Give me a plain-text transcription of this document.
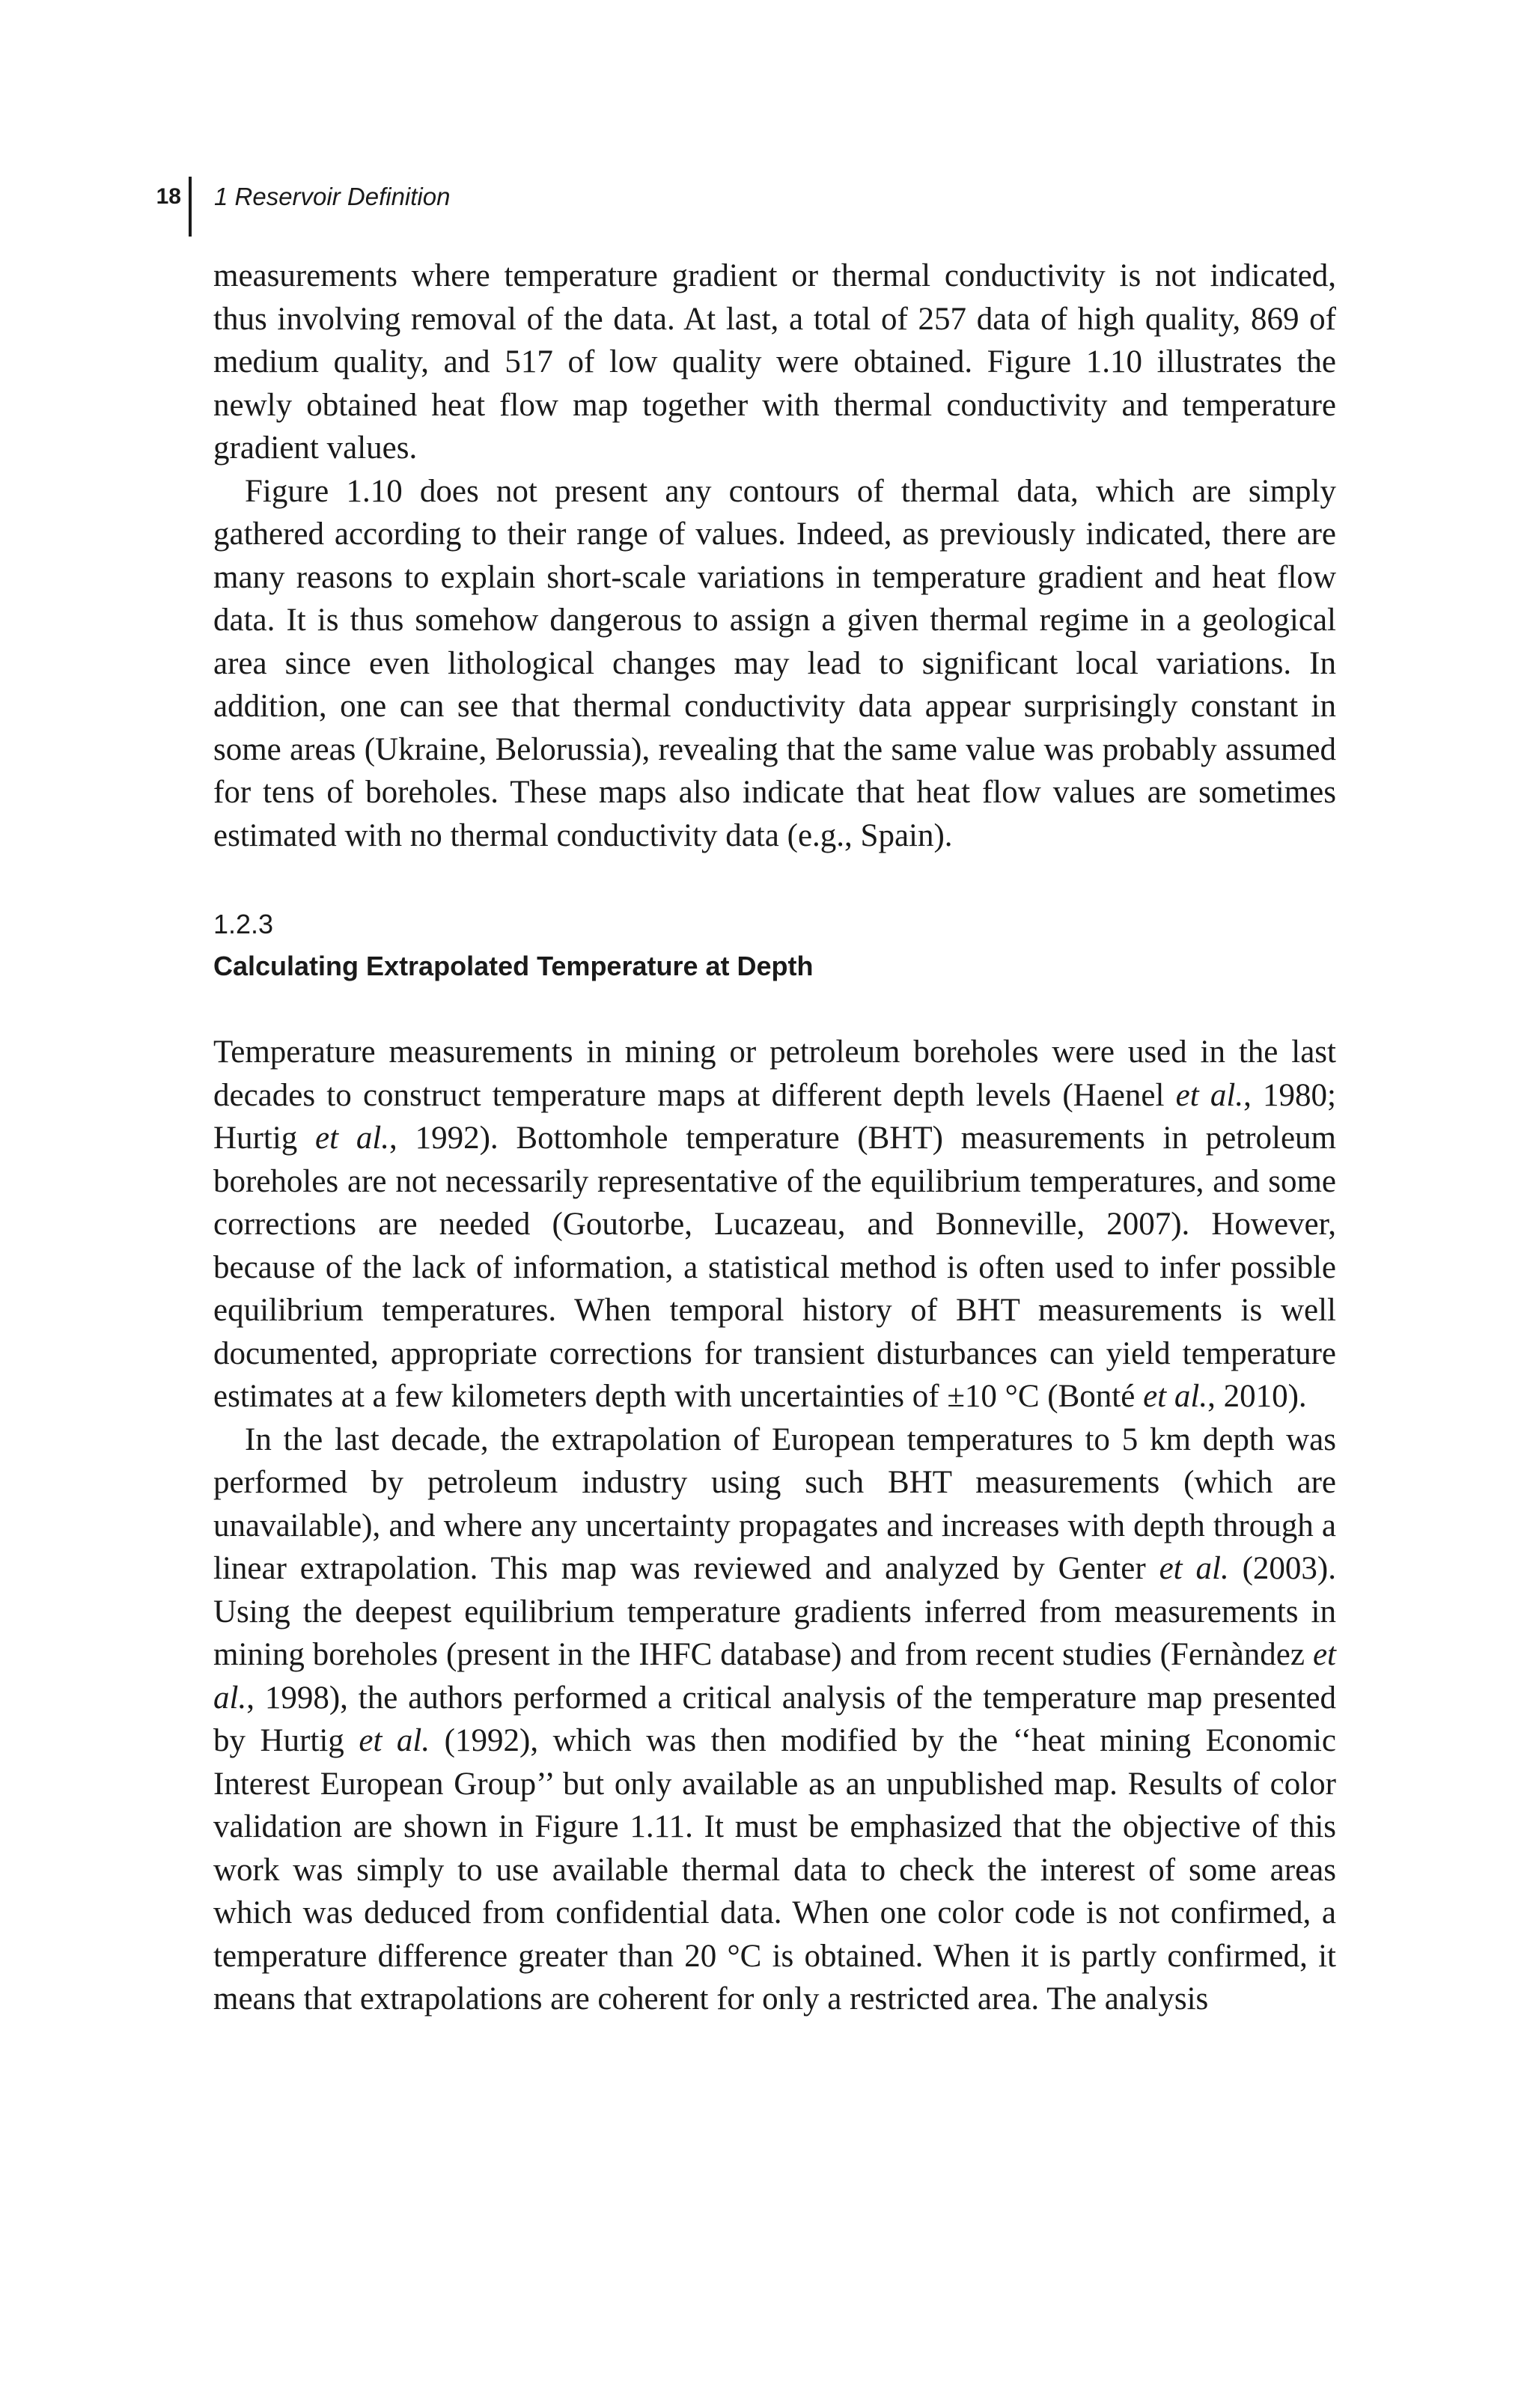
18 1 Reservoir Definition

measurements where temperature gradient or thermal conductivity is not indicated, thus involving removal of the data. At last, a total of 257 data of high quality, 869 of medium quality, and 517 of low quality were obtained. Figure 1.10 illustrates the newly obtained heat flow map together with thermal conductivity and temperature gradient values.

Figure 1.10 does not present any contours of thermal data, which are simply gathered according to their range of values. Indeed, as previously indicated, there are many reasons to explain short-scale variations in temperature gradient and heat flow data. It is thus somehow dangerous to assign a given thermal regime in a geological area since even lithological changes may lead to significant local variations. In addition, one can see that thermal conductivity data appear surprisingly constant in some areas (Ukraine, Belorussia), revealing that the same value was probably assumed for tens of boreholes. These maps also indicate that heat flow values are sometimes estimated with no thermal conductivity data (e.g., Spain).

1.2.3
Calculating Extrapolated Temperature at Depth

Temperature measurements in mining or petroleum boreholes were used in the last decades to construct temperature maps at different depth levels (Haenel et al., 1980; Hurtig et al., 1992). Bottomhole temperature (BHT) measurements in petroleum boreholes are not necessarily representative of the equilibrium temperatures, and some corrections are needed (Goutorbe, Lucazeau, and Bonneville, 2007). However, because of the lack of information, a statistical method is often used to infer possible equilibrium temperatures. When temporal history of BHT measurements is well documented, appropriate corrections for transient disturbances can yield temperature estimates at a few kilometers depth with uncertainties of ±10 °C (Bonté et al., 2010).

In the last decade, the extrapolation of European temperatures to 5 km depth was performed by petroleum industry using such BHT measurements (which are unavailable), and where any uncertainty propagates and increases with depth through a linear extrapolation. This map was reviewed and analyzed by Genter et al. (2003). Using the deepest equilibrium temperature gradients inferred from measurements in mining boreholes (present in the IHFC database) and from recent studies (Fernàndez et al., 1998), the authors performed a critical analysis of the temperature map presented by Hurtig et al. (1992), which was then modified by the ‘‘heat mining Economic Interest European Group’’ but only available as an unpublished map. Results of color validation are shown in Figure 1.11. It must be emphasized that the objective of this work was simply to use available thermal data to check the interest of some areas which was deduced from confidential data. When one color code is not confirmed, a temperature difference greater than 20 °C is obtained. When it is partly confirmed, it means that extrapolations are coherent for only a restricted area. The analysis
